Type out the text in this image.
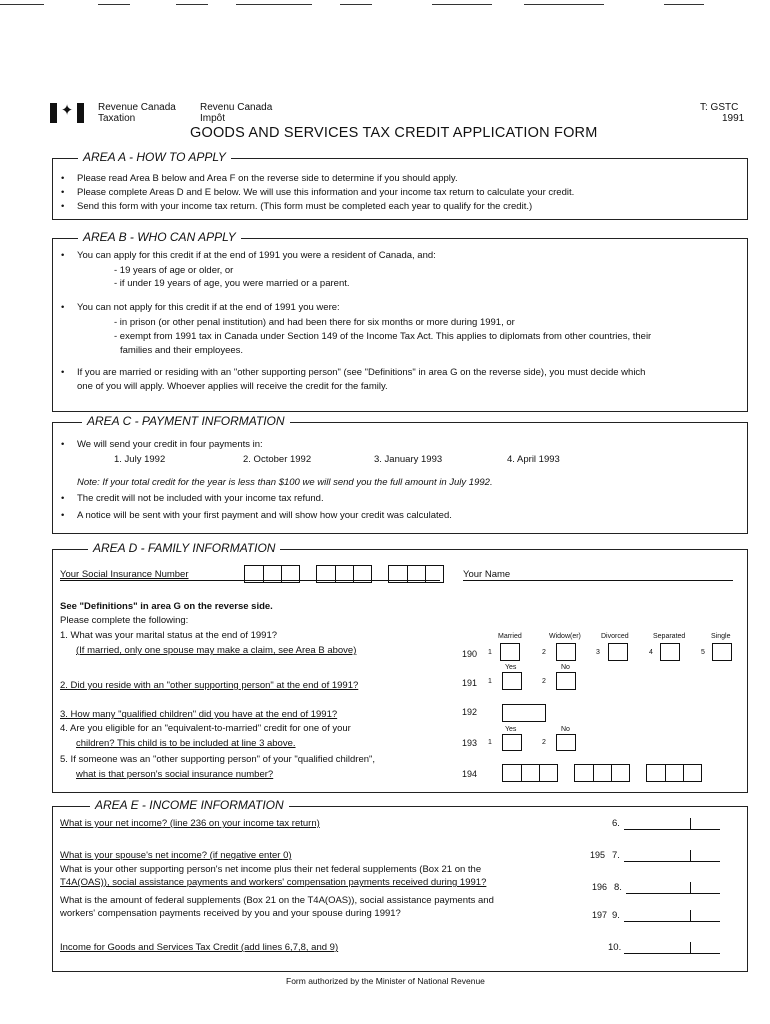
✦ Revenue Canada
Taxation
Revenu Canada
Impôt
T: GSTC
1991
GOODS AND SERVICES TAX CREDIT APPLICATION FORM
AREA A - HOW TO APPLY
• Please read Area B below and Area F on the reverse side to determine if you should apply.
• Please complete Areas D and E below. We will use this information and your income tax return to calculate your credit.
• Send this form with your income tax return. (This form must be completed each year to qualify for the credit.)
AREA B - WHO CAN APPLY
• You can apply for this credit if at the end of 1991 you were a resident of Canada, and:
- 19 years of age or older, or
- if under 19 years of age, you were married or a parent.
• You can not apply for this credit if at the end of 1991 you were:
- in prison (or other penal institution) and had been there for six months or more during 1991, or
- exempt from 1991 tax in Canada under Section 149 of the Income Tax Act. This applies to diplomats from other countries, their
families and their employees.
• If you are married or residing with an "other supporting person" (see "Definitions" in area G on the reverse side), you must decide which
one of you will apply. Whoever applies will receive the credit for the family.
AREA C - PAYMENT INFORMATION
• We will send your credit in four payments in:
1. July 1992	2. October 1992	3. January 1993	4. April 1993
Note: If your total credit for the year is less than $100 we will send you the full amount in July 1992.
• The credit will not be included with your income tax refund.
• A notice will be sent with your first payment and will show how your credit was calculated.
AREA D - FAMILY INFORMATION
Your Social Insurance Number	Your Name
See "Definitions" in area G on the reverse side.
Please complete the following:
1. What was your marital status at the end of 1991?
(If married, only one spouse may make a claim, see Area B above)	190
Married
1
Widow(er)
2
Divorced
3
Separated
4
Single
5
2. Did you reside with an "other supporting person" at the end of 1991?	191
Yes
1
No
2
3. How many "qualified children" did you have at the end of 1991?	192
4. Are you eligible for an "equivalent-to-married" credit for one of your
children? This child is to be included at line 3 above.	193
Yes
1
No
2
5. If someone was an "other supporting person" of your "qualified children",
what is that person's social insurance number?	194
AREA E - INCOME INFORMATION
What is your net income? (line 236 on your income tax return)	6.
What is your spouse's net income? (if negative enter 0)	195 7.
What is your other supporting person's net income plus their net federal supplements (Box 21 on the
T4A(OAS)), social assistance payments and workers' compensation payments received during 1991?	196 8.
What is the amount of federal supplements (Box 21 on the T4A(OAS)), social assistance payments and
workers' compensation payments received by you and your spouse during 1991?	197 9.
Income for Goods and Services Tax Credit (add lines 6,7,8, and 9)	10.
Form authorized by the Minister of National Revenue
